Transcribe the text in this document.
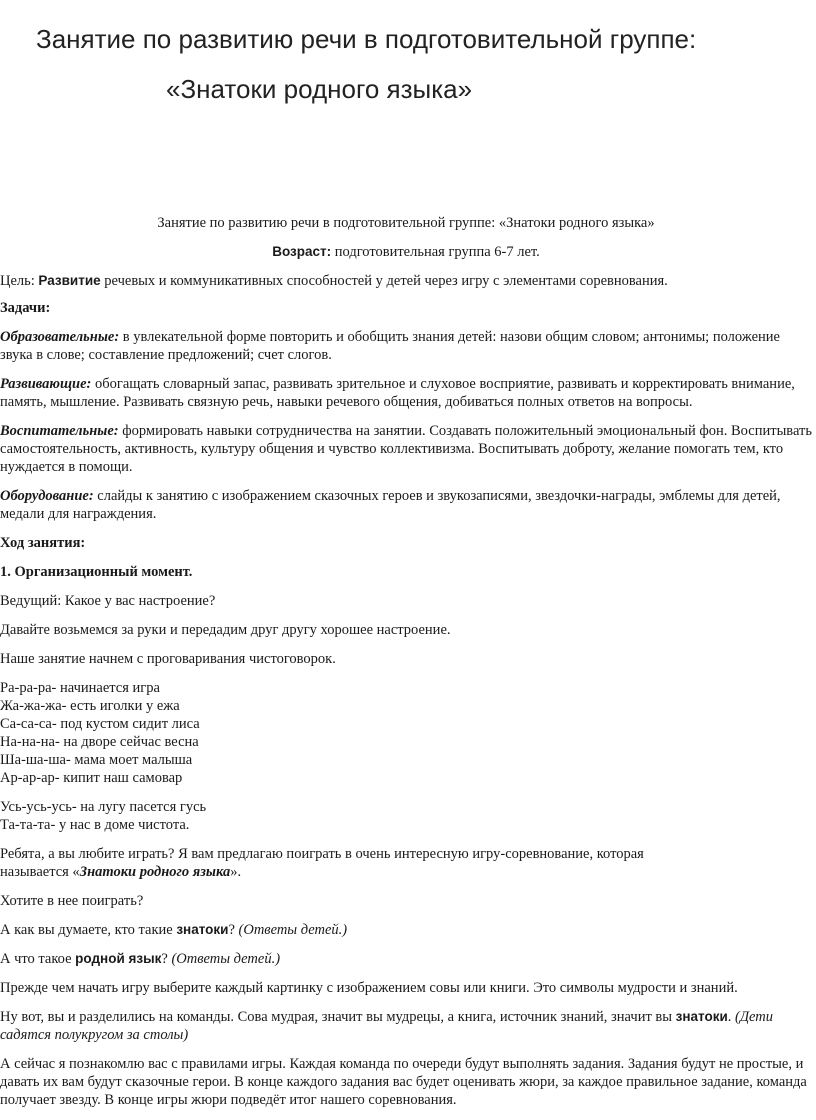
Занятие по развитию речи в подготовительной группе:
«Знатоки родного языка»

Занятие по развитию речи в подготовительной группе: «Знатоки родного языка»

Возраст: подготовительная группа 6-7 лет.

Цель: Развитие речевых и коммуникативных способностей у детей через игру с элементами соревнования.

Задачи:

Образовательные: в увлекательной форме повторить и обобщить знания детей: назови общим словом; антонимы; положение звука в слове; составление предложений; счет слогов.

Развивающие: обогащать словарный запас, развивать зрительное и слуховое восприятие, развивать и корректировать внимание, память, мышление. Развивать связную речь, навыки речевого общения, добиваться полных ответов на вопросы.

Воспитательные: формировать навыки сотрудничества на занятии. Создавать положительный эмоциональный фон. Воспитывать самостоятельность, активность, культуру общения и чувство коллективизма. Воспитывать доброту, желание помогать тем, кто нуждается в помощи.

Оборудование: слайды к занятию с изображением сказочных героев и звукозаписями, звездочки-награды, эмблемы для детей, медали для награждения.

Ход занятия:

1. Организационный момент.

Ведущий: Какое у вас настроение?

Давайте возьмемся за руки и передадим друг другу хорошее настроение.

Наше занятие начнем с проговаривания чистоговорок.

Ра-ра-ра- начинается игра
Жа-жа-жа- есть иголки у ежа
Са-са-са- под кустом сидит лиса
На-на-на- на дворе сейчас весна
Ша-ша-ша- мама моет малыша
Ар-ар-ар- кипит наш самовар

Усь-усь-усь- на лугу пасется гусь
Та-та-та- у нас в доме чистота.

Ребята, а вы любите играть? Я вам предлагаю поиграть в очень интересную игру-соревнование, которая называется «Знатоки родного языка».

Хотите в нее поиграть?

А как вы думаете, кто такие знатоки? (Ответы детей.)

А что такое родной язык? (Ответы детей.)

Прежде чем начать игру выберите каждый картинку с изображением совы или книги. Это символы мудрости и знаний.

Ну вот, вы и разделились на команды. Сова мудрая, значит вы мудрецы, а книга, источник знаний, значит вы знатоки. (Дети садятся полукругом за столы)

А сейчас я познакомлю вас с правилами игры. Каждая команда по очереди будут выполнять задания. Задания будут не простые, и давать их вам будут сказочные герои. В конце каждого задания вас будет оценивать жюри, за каждое правильное задание, команда получает звезду. В конце игры жюри подведёт итог нашего соревнования.
